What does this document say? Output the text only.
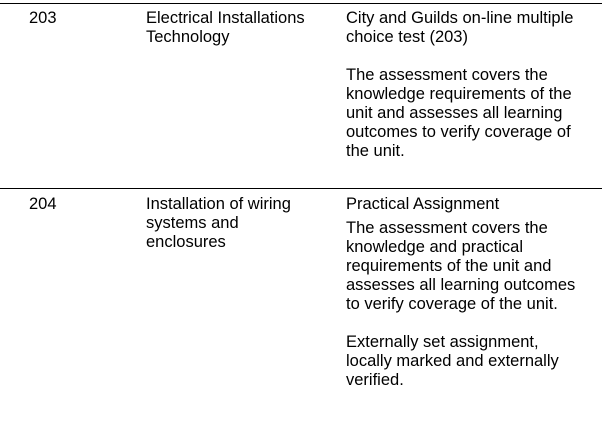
203	Electrical Installations
Technology

City and Guilds on-line multiple
choice test (203)

The assessment covers the
knowledge requirements of the
unit and assesses all learning
outcomes to verify coverage of
the unit.

204	Installation of wiring
systems and
enclosures

Practical Assignment

The assessment covers the
knowledge and practical
requirements of the unit and
assesses all learning outcomes
to verify coverage of the unit.

Externally set assignment,
locally marked and externally
verified.
